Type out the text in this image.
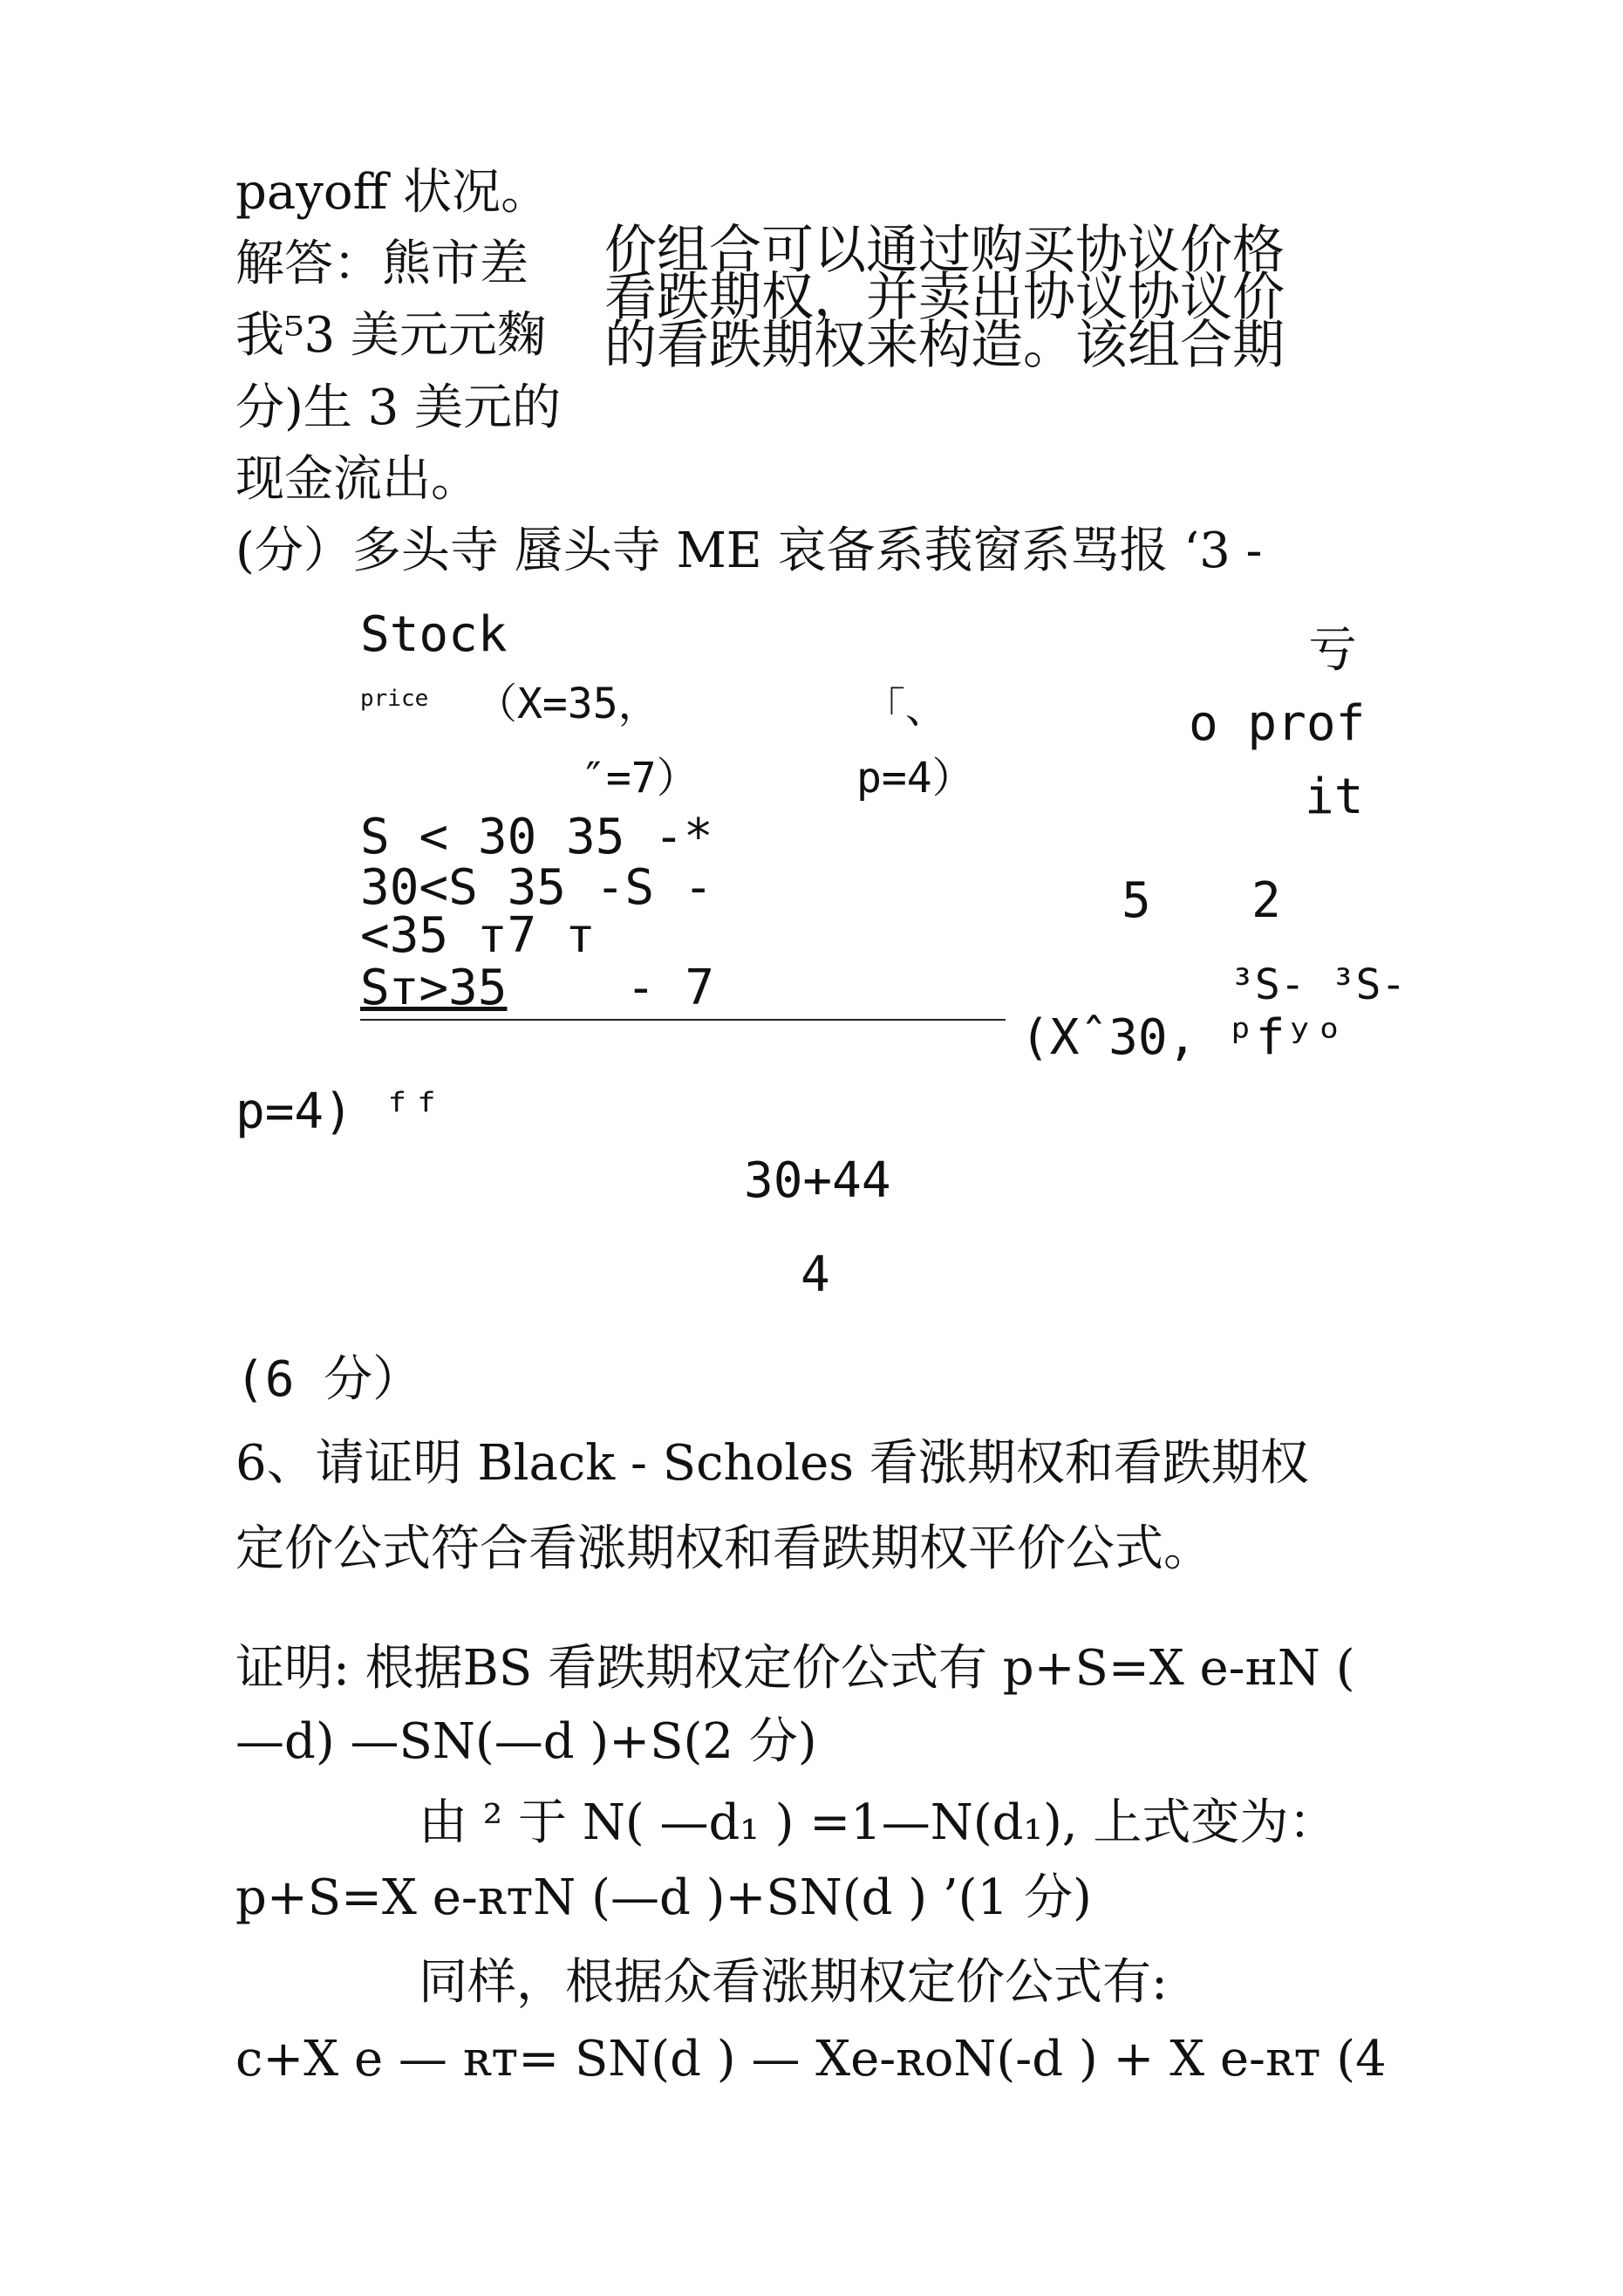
payoff 状况。
解答：熊市差 价组合可以通过购买协议价格
我⁵3 美元元麴
看跌期权，并卖出协议协议价
的看跌期权来构造。该组合期
分)生 3 美元的
现金流出。
(分）多头寺 蜃头寺 ME 哀备系莪窗系骂报 ‘3 -
Stock
price （X=35，
″=7）
「、
p=4）
亏
o prof
it
S < 30 35 -*
30<S 35 -S -
<35 ᴛ7 ᴛ
Sᴛ>35 - 7
5 2
³S- ³S-
(Xˆ30, ᵖfʸᵒ
p=4) ᶠᶠ
30+44
4
(6 分）
6、请证明 Black - Scholes 看涨期权和看跌期权
定价公式符合看涨期权和看跌期权平价公式。
证明: 根据BS 看跌期权定价公式有 p+S=X e-ʜN (
—d) —SN(—d )+S(2 分)
由 ² 于 N( —d₁ ) =1—N(d₁), 上式变为：
p+S=X e-ʀᴛN (—d )+SN(d ) ’(1 分)
同样，根据众看涨期权定价公式有:
c+X e — ʀᴛ= SN(d ) — Xe-ʀoN(-d ) + X e-ʀᴛ (4
